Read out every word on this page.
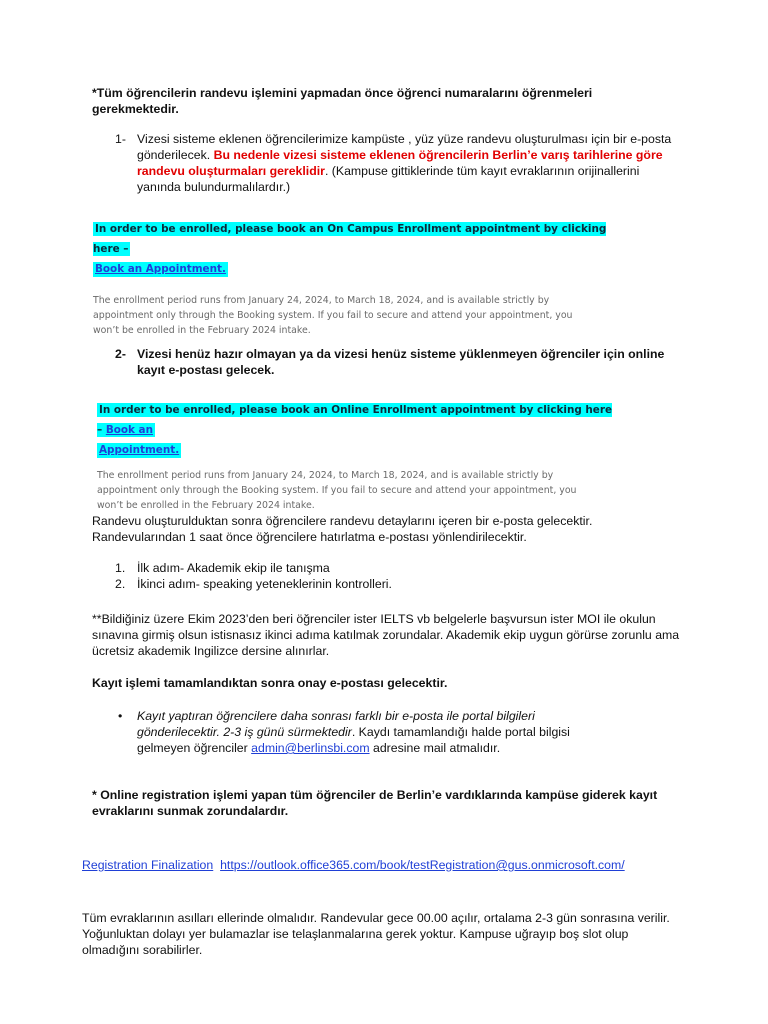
*Tüm öğrencilerin randevu işlemini yapmadan önce öğrenci numaralarını öğrenmeleri gerekmektedir.
1- Vizesi sisteme eklenen öğrencilerimize kampüste , yüz yüze randevu oluşturulması için bir e-posta gönderilecek. Bu nedenle vizesi sisteme eklenen öğrencilerin Berlin’e varış tarihlerine göre randevu oluşturmaları gereklidir. (Kampuse gittiklerinde tüm kayıt evraklarının orijinallerini yanında bulundurmalılardır.)
In order to be enrolled, please book an On Campus Enrollment appointment by clicking here –
Book an Appointment.
The enrollment period runs from January 24, 2024, to March 18, 2024, and is available strictly by
appointment only through the Booking system. If you fail to secure and attend your appointment, you
won’t be enrolled in the February 2024 intake.
2- Vizesi henüz hazır olmayan ya da vizesi henüz sisteme yüklenmeyen öğrenciler için online kayıt e-postası gelecek.
In order to be enrolled, please book an Online Enrollment appointment by clicking here – Book an
Appointment.
The enrollment period runs from January 24, 2024, to March 18, 2024, and is available strictly by
appointment only through the Booking system. If you fail to secure and attend your appointment, you
won’t be enrolled in the February 2024 intake.
Randevu oluşturulduktan sonra öğrencilere randevu detaylarını içeren bir e-posta gelecektir. Randevularından 1 saat önce öğrencilere hatırlatma e-postası yönlendirilecektir.
1. İlk adım- Akademik ekip ile tanışma
2. İkinci adım- speaking yeteneklerinin kontrolleri.
**Bildiğiniz üzere Ekim 2023’den beri öğrenciler ister IELTS vb belgelerle başvursun ister MOI ile okulun sınavına girmiş olsun istisnasız ikinci adıma katılmak zorundalar. Akademik ekip uygun görürse zorunlu ama ücretsiz akademik Ingilizce dersine alınırlar.
Kayıt işlemi tamamlandıktan sonra onay e-postası gelecektir.
• Kayıt yaptıran öğrencilere daha sonrası farklı bir e-posta ile portal bilgileri gönderilecektir. 2-3 iş günü sürmektedir. Kaydı tamamlandığı halde portal bilgisi gelmeyen öğrenciler admin@berlinsbi.com adresine mail atmalıdır.
* Online registration işlemi yapan tüm öğrenciler de Berlin’e vardıklarında kampüse giderek kayıt evraklarını sunmak zorundalardır.
Registration Finalization https://outlook.office365.com/book/testRegistration@gus.onmicrosoft.com/
Tüm evraklarının asılları ellerinde olmalıdır. Randevular gece 00.00 açılır, ortalama 2-3 gün sonrasına verilir. Yoğunluktan dolayı yer bulamazlar ise telaşlanmalarına gerek yoktur. Kampuse uğrayıp boş slot olup olmadığını sorabilirler.
